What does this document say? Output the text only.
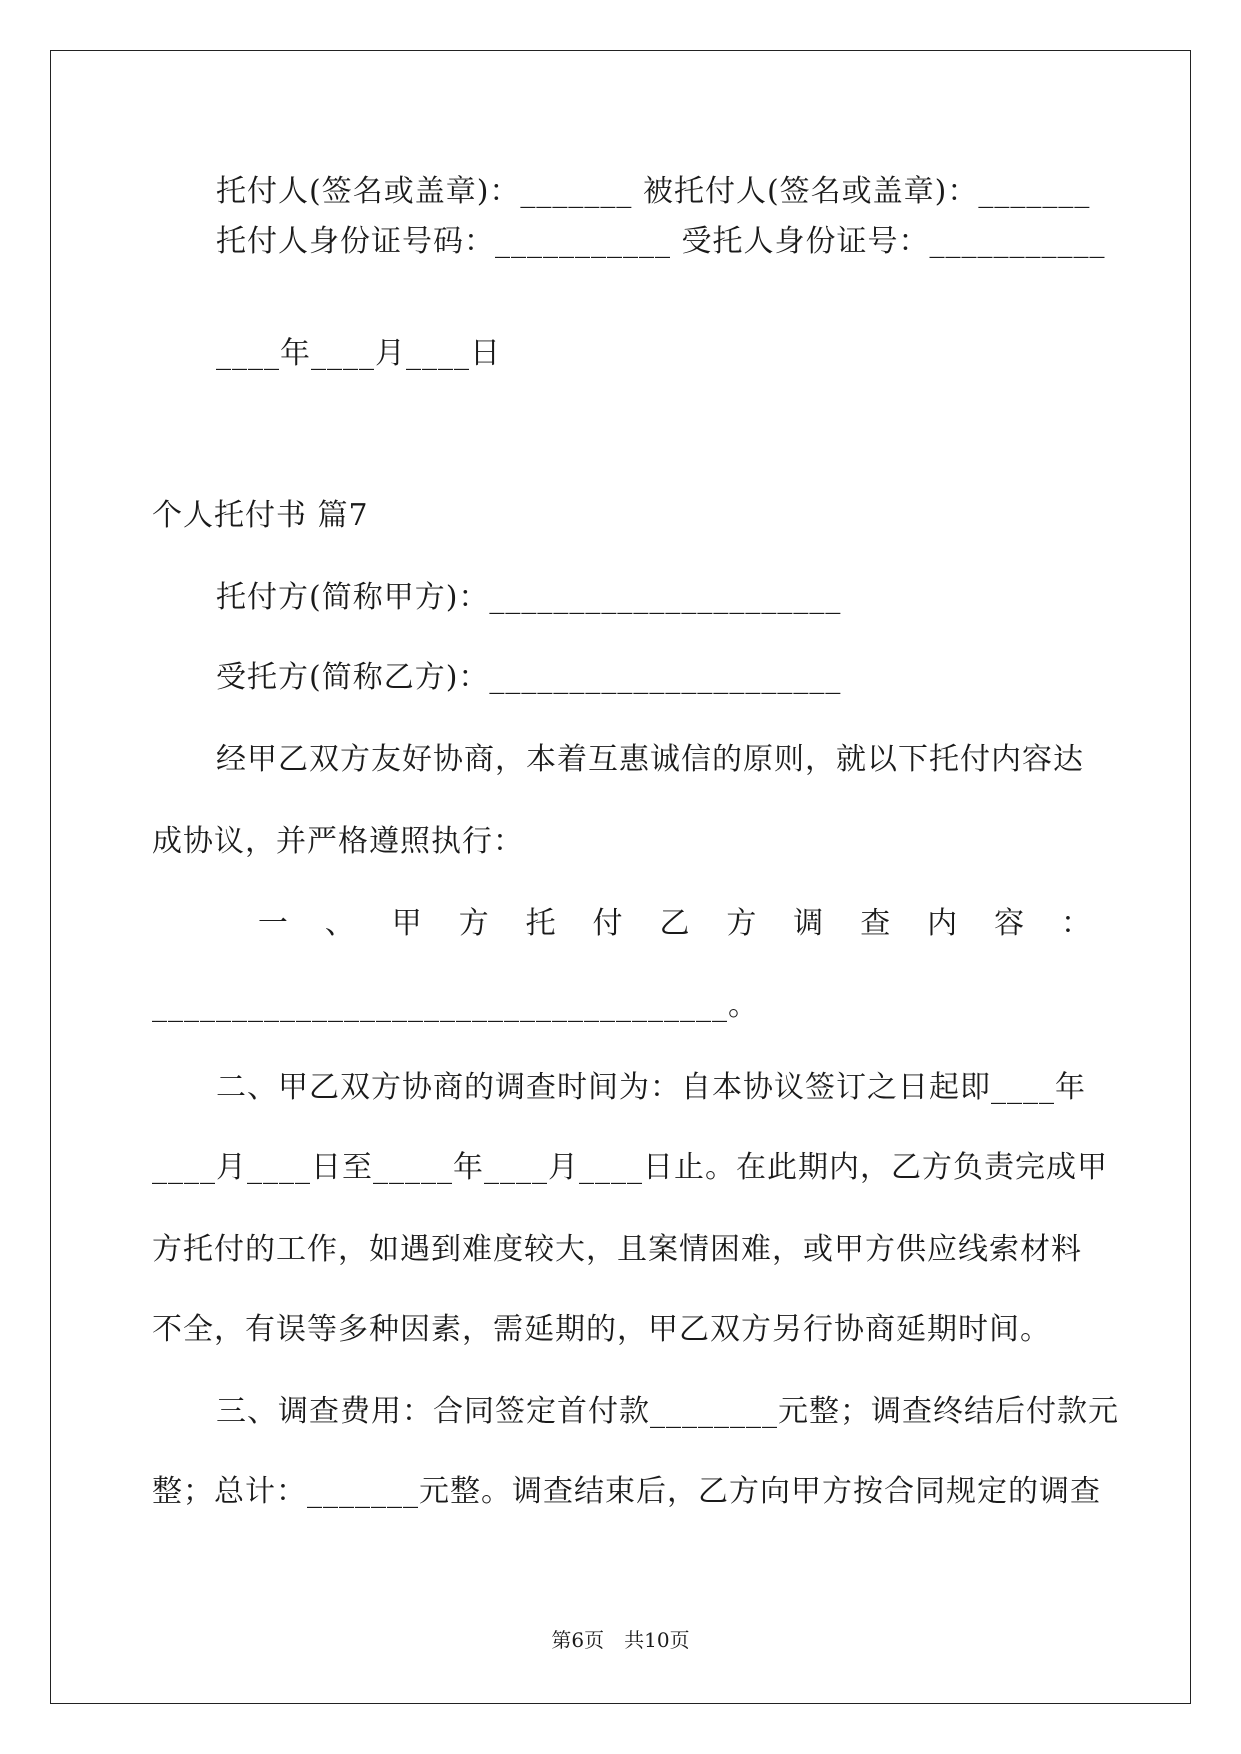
托付人(签名或盖章)：_______ 被托付人(签名或盖章)：_______
托付人身份证号码：___________ 受托人身份证号：___________
____年____月____日
个人托付书 篇7
托付方(简称甲方)：______________________
受托方(简称乙方)：______________________
经甲乙双方友好协商，本着互惠诚信的原则，就以下托付内容达
成协议，并严格遵照执行：
一 、 甲 方 托 付 乙 方 调 查 内 容 ：
____________________________________。
二、甲乙双方协商的调查时间为：自本协议签订之日起即____年
____月____日至_____年____月____日止。在此期内，乙方负责完成甲
方托付的工作，如遇到难度较大，且案情困难，或甲方供应线索材料
不全，有误等多种因素，需延期的，甲乙双方另行协商延期时间。
三、调查费用：合同签定首付款________元整；调查终结后付款元
整；总计：_______元整。调查结束后，乙方向甲方按合同规定的调查
第6页　共10页
